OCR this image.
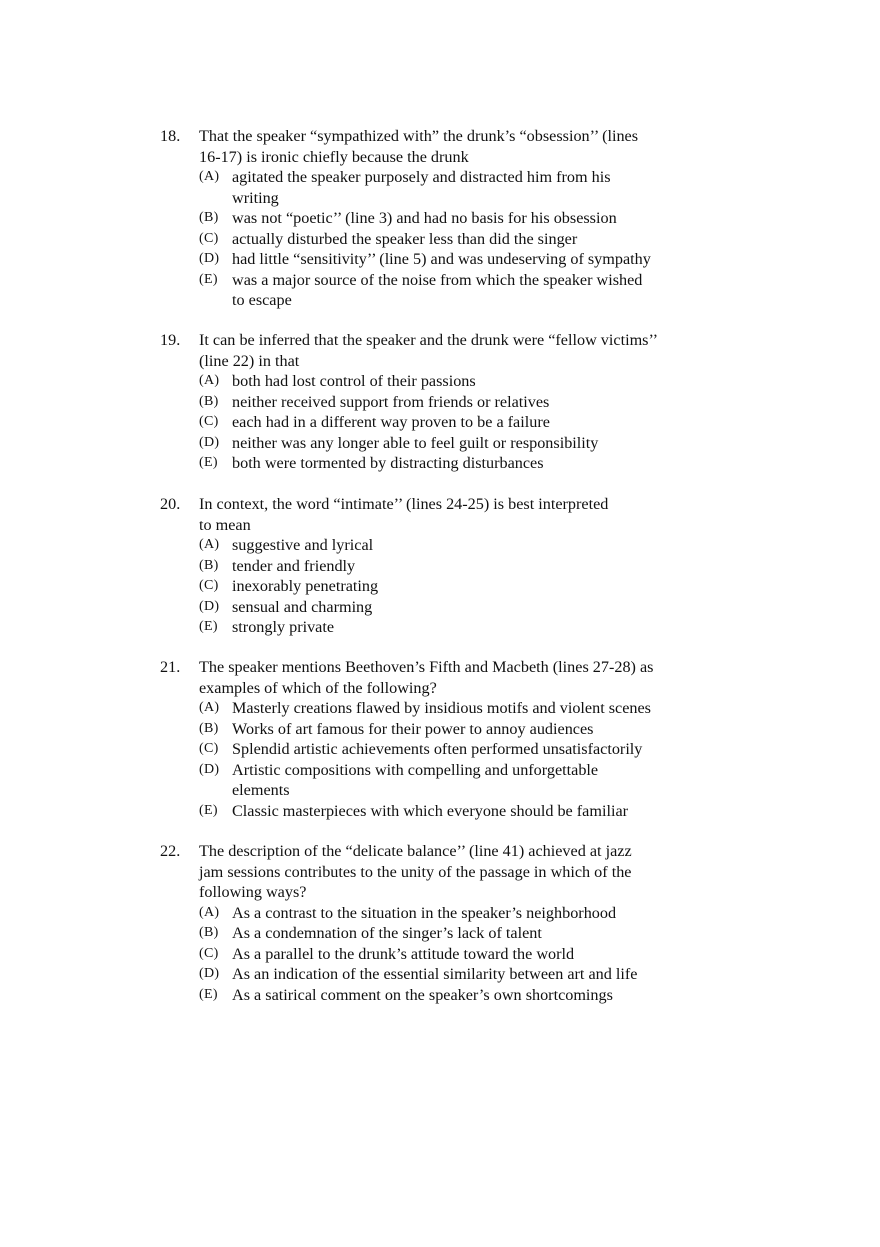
18.	That the speaker “sympathized with” the drunk’s “obsession’’ (lines
16-17) is ironic chiefly because the drunk
(A) agitated the speaker purposely and distracted him from his
writing
(B) was not “poetic’’ (line 3) and had no basis for his obsession
(C) actually disturbed the speaker less than did the singer
(D) had little “sensitivity’’ (line 5) and was undeserving of sympathy
(E) was a major source of the noise from which the speaker wished
to escape
19.	It can be inferred that the speaker and the drunk were “fellow victims’’
(line 22) in that
(A) both had lost control of their passions
(B) neither received support from friends or relatives
(C) each had in a different way proven to be a failure
(D) neither was any longer able to feel guilt or responsibility
(E) both were tormented by distracting disturbances
20.	In context, the word “intimate’’ (lines 24-25) is best interpreted
to mean
(A) suggestive and lyrical
(B) tender and friendly
(C) inexorably penetrating
(D) sensual and charming
(E) strongly private
21.	The speaker mentions Beethoven’s Fifth and Macbeth (lines 27-28) as
examples of which of the following?
(A) Masterly creations flawed by insidious motifs and violent scenes
(B) Works of art famous for their power to annoy audiences
(C) Splendid artistic achievements often performed unsatisfactorily
(D) Artistic compositions with compelling and unforgettable
elements
(E) Classic masterpieces with which everyone should be familiar
22.	The description of the “delicate balance’’ (line 41) achieved at jazz
jam sessions contributes to the unity of the passage in which of the
following ways?
(A) As a contrast to the situation in the speaker’s neighborhood
(B) As a condemnation of the singer’s lack of talent
(C) As a parallel to the drunk’s attitude toward the world
(D) As an indication of the essential similarity between art and life
(E) As a satirical comment on the speaker’s own shortcomings
